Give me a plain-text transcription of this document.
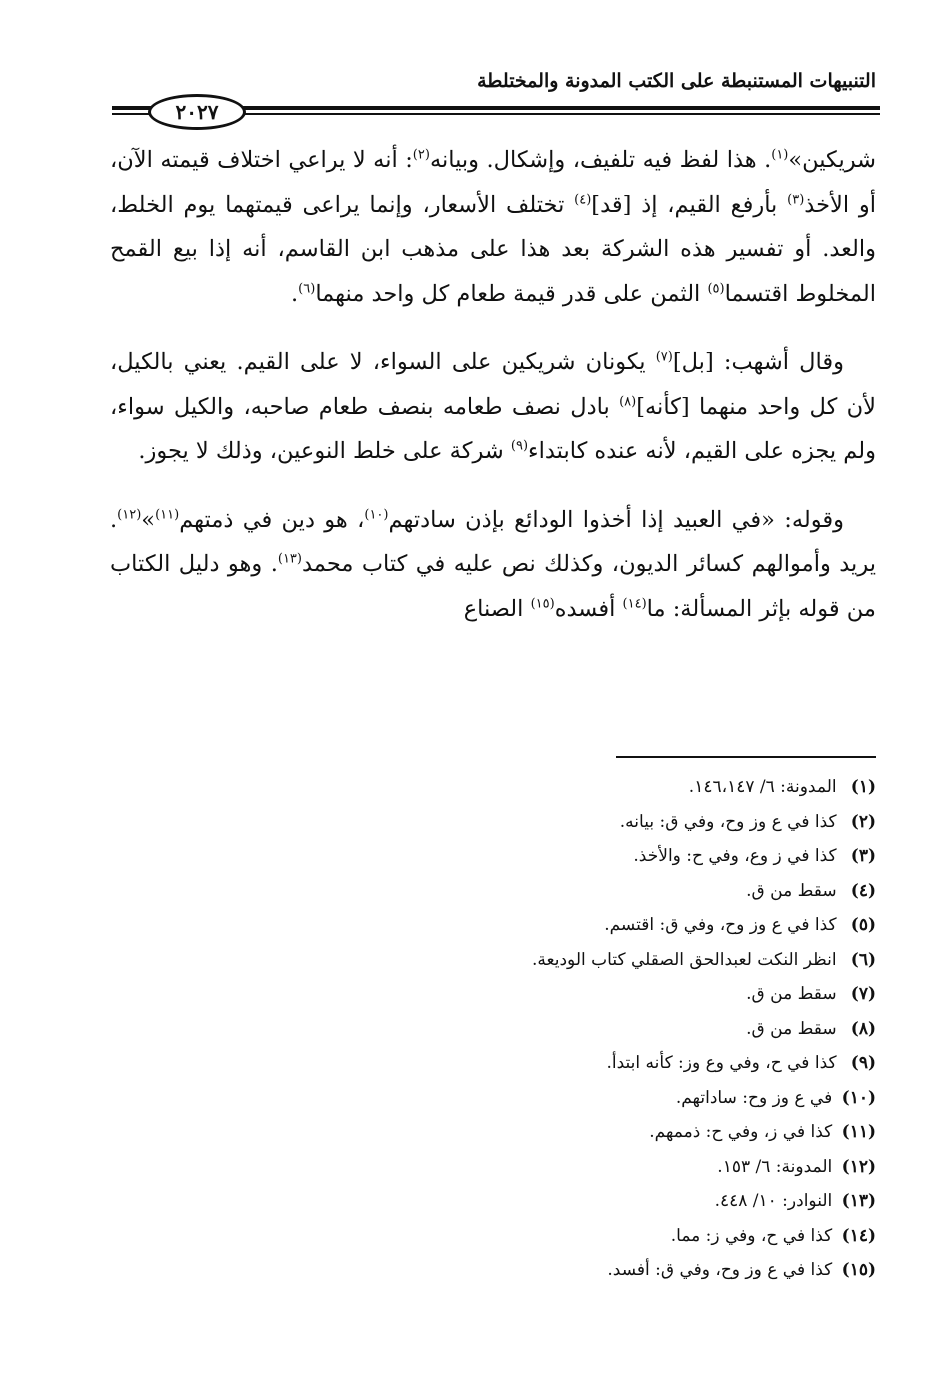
التنبيهات المستنبطة على الكتب المدونة والمختلطة
٢٠٢٧

شريكين»$^{(١)}$. هذا لفظ فيه تلفيف، وإشكال. وبيانه$^{(٢)}$: أنه لا يراعي اختلاف قيمته الآن، أو الأخذ$^{(٣)}$ بأرفع القيم، إذ [قد]$^{(٤)}$ تختلف الأسعار، وإنما يراعى قيمتهما يوم الخلط، والعد. أو تفسير هذه الشركة بعد هذا على مذهب ابن القاسم، أنه إذا بيع القمح المخلوط اقتسما$^{(٥)}$ الثمن على قدر قيمة طعام كل واحد منهما$^{(٦)}$.

وقال أشهب: [بل]$^{(٧)}$ يكونان شريكين على السواء، لا على القيم. يعني بالكيل، لأن كل واحد منهما [كأنه]$^{(٨)}$ بادل نصف طعامه بنصف طعام صاحبه، والكيل سواء، ولم يجزه على القيم، لأنه عنده كابتداء$^{(٩)}$ شركة على خلط النوعين، وذلك لا يجوز.

وقوله: «في العبيد إذا أخذوا الودائع بإذن سادتهم$^{(١٠)}$، هو دين في ذمتهم$^{(١١)}$»$^{(١٢)}$. يريد وأموالهم كسائر الديون، وكذلك نص عليه في كتاب محمد$^{(١٣)}$. وهو دليل الكتاب من قوله بإثر المسألة: ما$^{(١٤)}$ أفسده$^{(١٥)}$ الصناع

(١) المدونة: ٦/ ١٤٦،١٤٧.
(٢) كذا في ع وز وح، وفي ق: بيانه.
(٣) كذا في ز وع، وفي ح: والأخذ.
(٤) سقط من ق.
(٥) كذا في ع وز وح، وفي ق: اقتسم.
(٦) انظر النكت لعبدالحق الصقلي كتاب الوديعة.
(٧) سقط من ق.
(٨) سقط من ق.
(٩) كذا في ح، وفي وع وز: كأنه ابتدأ.
(١٠) في ع وز وح: ساداتهم.
(١١) كذا في ز، وفي ح: ذممهم.
(١٢) المدونة: ٦/ ١٥٣.
(١٣) النوادر: ١٠/ ٤٤٨.
(١٤) كذا في ح، وفي ز: مما.
(١٥) كذا في ع وز وح، وفي ق: أفسد.
